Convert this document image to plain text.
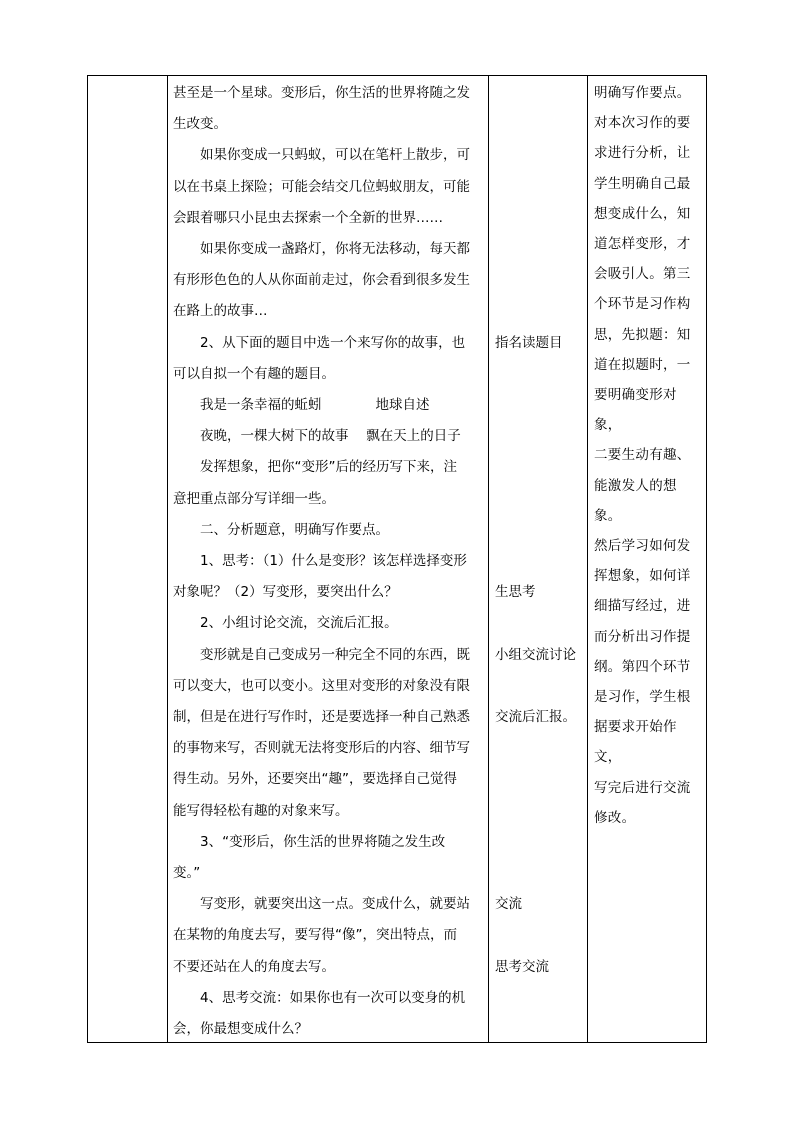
甚至是一个星球。变形后，你生活的世界将随之发

生改变。

如果你变成一只蚂蚁，可以在笔杆上散步，可

以在书桌上探险；可能会结交几位蚂蚁朋友，可能

会跟着哪只小昆虫去探索一个全新的世界……

如果你变成一盏路灯，你将无法移动，每天都

有形形色色的人从你面前走过，你会看到很多发生

在路上的故事…

2、从下面的题目中选一个来写你的故事，也

可以自拟一个有趣的题目。

我是一条幸福的蚯蚓　　　　地球自述

夜晚，一棵大树下的故事　 飘在天上的日子

发挥想象，把你“变形”后的经历写下来，注

意把重点部分写详细一些。

二、分析题意，明确写作要点。

1、思考：（1）什么是变形？该怎样选择变形

对象呢？（2）写变形，要突出什么？

2、小组讨论交流，交流后汇报。

变形就是自己变成另一种完全不同的东西，既

可以变大，也可以变小。这里对变形的对象没有限

制，但是在进行写作时，还是要选择一种自己熟悉

的事物来写，否则就无法将变形后的内容、细节写

得生动。另外，还要突出“趣”，要选择自己觉得

能写得轻松有趣的对象来写。

3、“变形后，你生活的世界将随之发生改

变。”

写变形，就要突出这一点。变成什么，就要站

在某物的角度去写，要写得“像”，突出特点，而

不要还站在人的角度去写。

4、思考交流：如果你也有一次可以变身的机

会，你最想变成什么？

指名读题目

生思考

小组交流讨论

交流后汇报。

交流

思考交流

明确写作要点。

对本次习作的要

求进行分析，让

学生明确自己最

想变成什么，知

道怎样变形，才

会吸引人。第三

个环节是习作构

思，先拟题：知

道在拟题时，一

要明确变形对象，

二要生动有趣、

能激发人的想象。

然后学习如何发

挥想象，如何详

细描写经过，进

而分析出习作提

纲。第四个环节

是习作，学生根

据要求开始作文，

写完后进行交流

修改。
